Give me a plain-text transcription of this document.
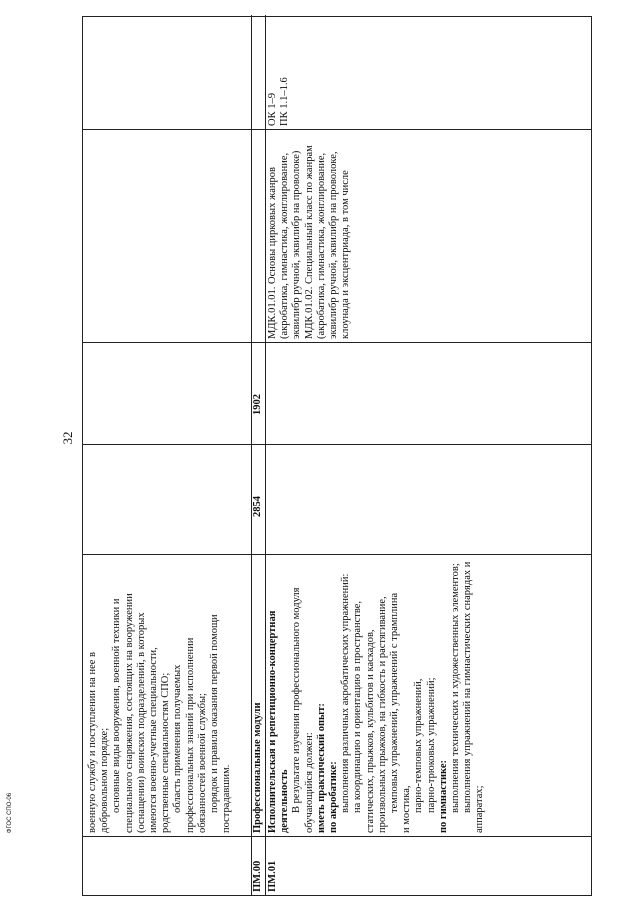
32
ФГОС СПО-06	военную службу и поступлении на нее в добровольном порядке; основные виды вооружения, военной техники и специального снаряжения, состоящих на вооружении (оснащении) воинских подразделений, в которых имеются военно-учетные специальности, родственные специальностям СПО; область применения получаемых профессиональных знаний при исполнении обязанностей военной службы; порядок и правила оказания первой помощи пострадавшим.

ПМ.00
Профессиональные модули
2854
1902
ПМ.01

Исполнительская и репетиционно-концертная деятельность В результате изучения профессионального модуля обучающийся должен: иметь практический опыт: по акробатике: выполнения различных акробатических упражнений: на координацию и ориентацию в пространстве, статических, прыжков, кульбитов и каскадов, произвольных прыжков, на гибкость и растягивание, темповых упражнений, упражнений с трамплина и мостика, парно-темповых упражнений, парно-трюковых упражнений; по гимнастике: выполнения технических и художественных элементов; выполнения упражнений на гимнастических снарядах и аппаратах;

МДК.01.01. Основы цирковых жанров (акробатика, гимнастика, жонглирование, эквилибр ручной, эквилибр на проволоке) МДК.01.02. Специальный класс по жанрам (акробатика, гимнастика, жонглирование, эквилибр ручной, эквилибр на проволоке, клоунада и эксцентриада, в том числе

ОК 1–9 ПК 1.1–1.6
